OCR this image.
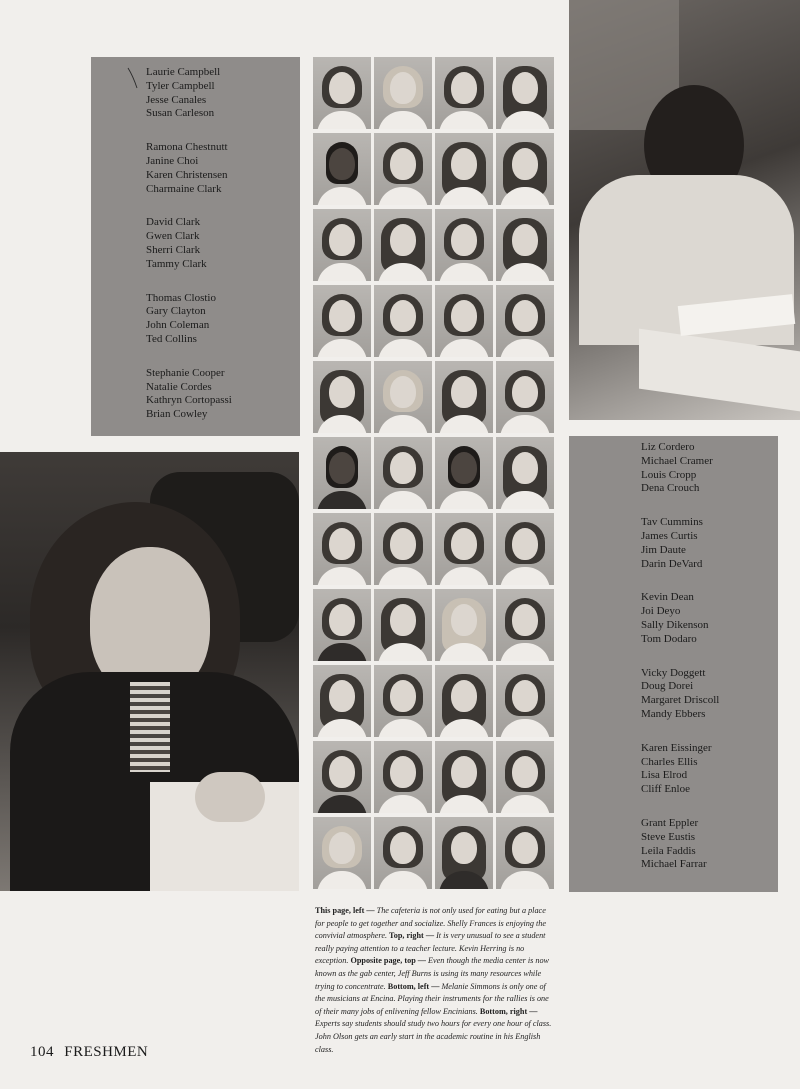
Laurie Campbell
Tyler Campbell
Jesse Canales
Susan Carleson
Ramona Chestnutt
Janine Choi
Karen Christensen
Charmaine Clark
David Clark
Gwen Clark
Sherri Clark
Tammy Clark
Thomas Clostio
Gary Clayton
John Coleman
Ted Collins
Stephanie Cooper
Natalie Cordes
Kathryn Cortopassi
Brian Cowley
Liz Cordero
Michael Cramer
Louis Cropp
Dena Crouch
Tav Cummins
James Curtis
Jim Daute
Darin DeVard
Kevin Dean
Joi Deyo
Sally Dikenson
Tom Dodaro
Vicky Doggett
Doug Dorei
Margaret Driscoll
Mandy Ebbers
Karen Eissinger
Charles Ellis
Lisa Elrod
Cliff Enloe
Grant Eppler
Steve Eustis
Leila Faddis
Michael Farrar
This page, left — The cafeteria is not only used for eating but a place for people to get together and socialize. Shelly Frances is enjoying the convivial atmosphere. Top, right — It is very unusual to see a student really paying attention to a teacher lecture. Kevin Herring is no exception. Opposite page, top — Even though the media center is now known as the gab center, Jeff Burns is using its many resources while trying to concentrate. Bottom, left — Melanie Simmons is only one of the musicians at Encina. Playing their instruments for the rallies is one of their many jobs of enlivening fellow Encinians. Bottom, right — Experts say students should study two hours for every one hour of class. John Olson gets an early start in the academic routine in his English class.
104 FRESHMEN
